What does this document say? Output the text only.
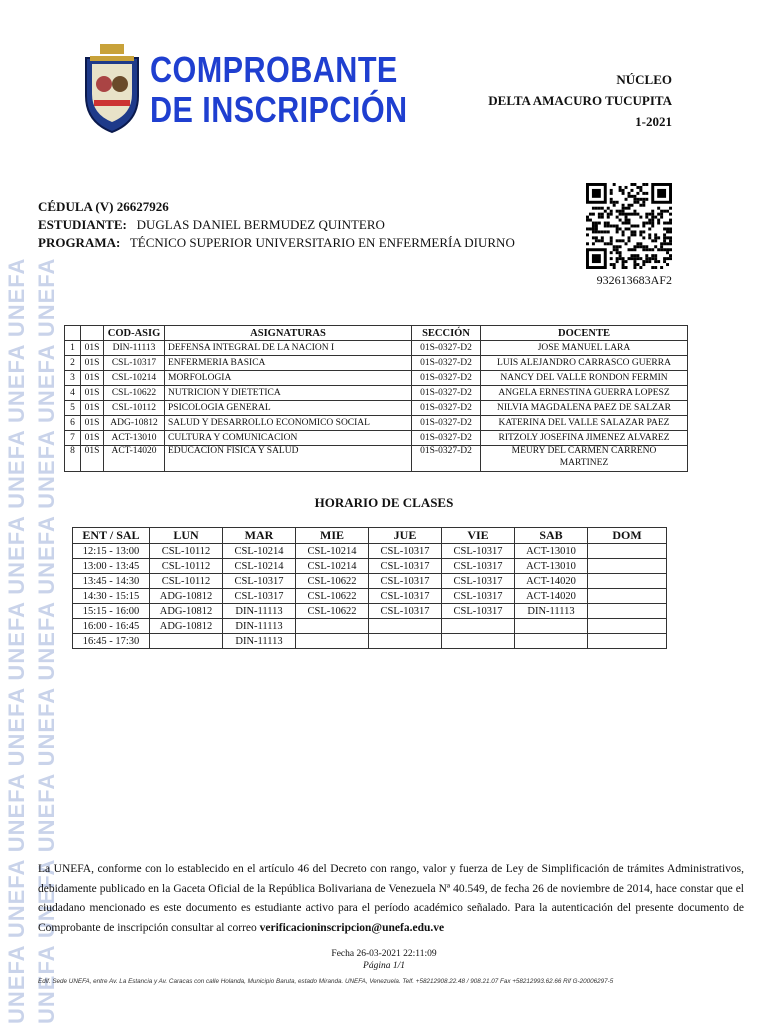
UNEFA UNEFA UNEFA UNEFA UNEFA UNEFA UNEFA UNEFA UNEFA UNEFA UNEFA UNEFA UNEFA UNEFA UNEFA UNEFA UNEFA UNEFA
COMPROBANTE
DE INSCRIPCIÓN
NÚCLEO
DELTA AMACURO TUCUPITA
1-2021
CÉDULA (V) 26627926
ESTUDIANTE: DUGLAS DANIEL BERMUDEZ QUINTERO
PROGRAMA: TÉCNICO SUPERIOR UNIVERSITARIO EN ENFERMERÍA DIURNO
932613683AF2
		COD-ASIG	ASIGNATURAS	SECCIÓN	DOCENTE
1	01S	DIN-11113	DEFENSA INTEGRAL DE LA NACION I	01S-0327-D2	JOSE MANUEL LARA
2	01S	CSL-10317	ENFERMERIA BASICA	01S-0327-D2	LUIS ALEJANDRO CARRASCO GUERRA
3	01S	CSL-10214	MORFOLOGIA	01S-0327-D2	NANCY DEL VALLE RONDON FERMIN
4	01S	CSL-10622	NUTRICION Y DIETETICA	01S-0327-D2	ANGELA ERNESTINA GUERRA LOPESZ
5	01S	CSL-10112	PSICOLOGIA GENERAL	01S-0327-D2	NILVIA MAGDALENA PAEZ DE SALZAR
6	01S	ADG-10812	SALUD Y DESARROLLO ECONOMICO SOCIAL	01S-0327-D2	KATERINA DEL VALLE SALAZAR PAEZ
7	01S	ACT-13010	CULTURA Y COMUNICACION	01S-0327-D2	RITZOLY JOSEFINA JIMENEZ ALVAREZ
8	01S	ACT-14020	EDUCACION FISICA Y SALUD	01S-0327-D2	MEURY DEL CARMEN CARREÑO
MARTINEZ
HORARIO DE CLASES
ENT / SAL	LUN	MAR	MIE	JUE	VIE	SAB	DOM
12:15 - 13:00	CSL-10112	CSL-10214	CSL-10214	CSL-10317	CSL-10317	ACT-13010	
13:00 - 13:45	CSL-10112	CSL-10214	CSL-10214	CSL-10317	CSL-10317	ACT-13010	
13:45 - 14:30	CSL-10112	CSL-10317	CSL-10622	CSL-10317	CSL-10317	ACT-14020	
14:30 - 15:15	ADG-10812	CSL-10317	CSL-10622	CSL-10317	CSL-10317	ACT-14020	
15:15 - 16:00	ADG-10812	DIN-11113	CSL-10622	CSL-10317	CSL-10317	DIN-11113	
16:00 - 16:45	ADG-10812	DIN-11113					
16:45 - 17:30		DIN-11113					
La UNEFA, conforme con lo establecido en el artículo 46 del Decreto con rango, valor y fuerza de Ley de Simplificación de trámites Administrativos, debidamente publicado en la Gaceta Oficial de la República Bolivariana de Venezuela Nª 40.549, de fecha 26 de noviembre de 2014, hace constar que el ciudadano mencionado es este documento es estudiante activo para el período académico señalado. Para la autenticación del presente documento de Comprobante de inscripción consultar al correo verificacioninscripcion@unefa.edu.ve
Fecha 26-03-2021 22:11:09
Página 1/1
Edif. Sede UNEFA, entre Av. La Estancia y Av. Caracas con calle Holanda, Municipio Baruta, estado Miranda. UNEFA, Venezuela. Telf. +58212908.22.48 / 908.21.07 Fax +58212993.62.66 Rif G-20006297-5
